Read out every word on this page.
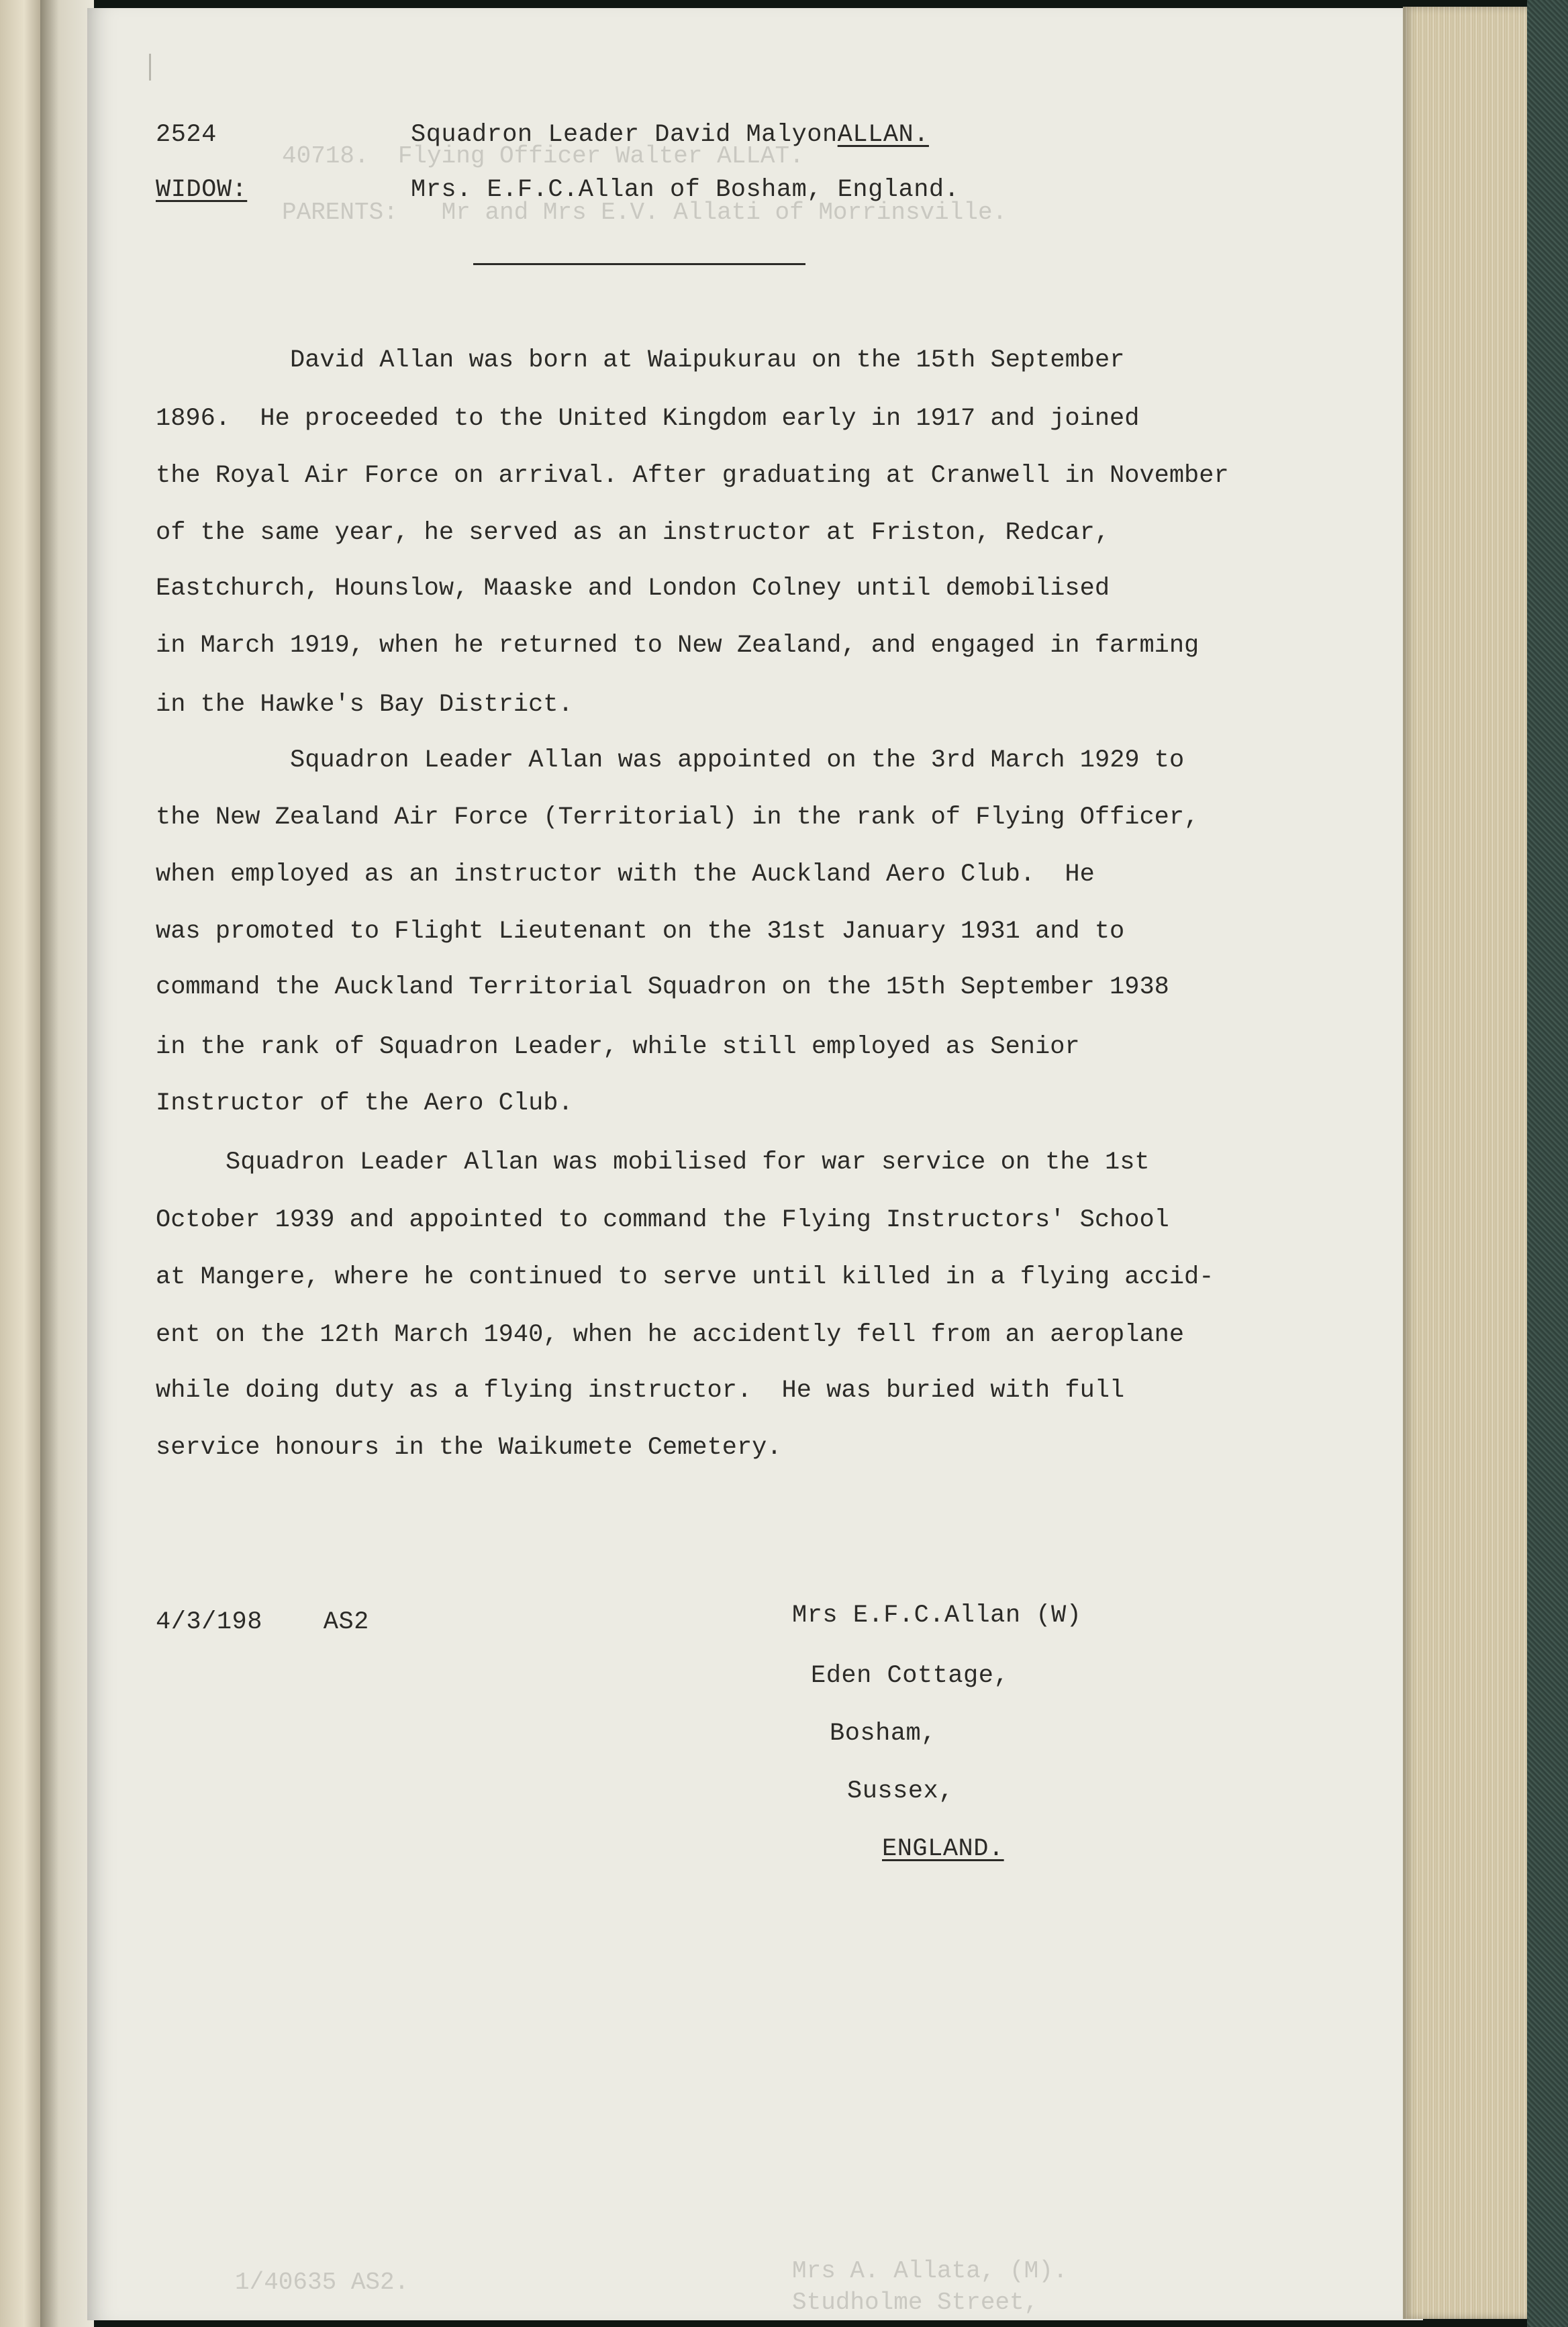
40718.  Flying Officer Walter ALLAT.
PARENTS:   Mr and Mrs E.V. Allati of Morrinsville.
1/40635 AS2.	Mrs A. Allata, (M).
Studholme Street,
2524	Squadron Leader David MalyonALLAN.
WIDOW:	Mrs. E.F.C.Allan of Bosham, England.
David Allan was born at Waipukurau on the 15th September
1896.  He proceeded to the United Kingdom early in 1917 and joined
the Royal Air Force on arrival. After graduating at Cranwell in November
of the same year, he served as an instructor at Friston, Redcar,
Eastchurch, Hounslow, Maaske and London Colney until demobilised
in March 1919, when he returned to New Zealand, and engaged in farming
in the Hawke's Bay District.
Squadron Leader Allan was appointed on the 3rd March 1929 to
the New Zealand Air Force (Territorial) in the rank of Flying Officer,
when employed as an instructor with the Auckland Aero Club.  He
was promoted to Flight Lieutenant on the 31st January 1931 and to
command the Auckland Territorial Squadron on the 15th September 1938
in the rank of Squadron Leader, while still employed as Senior
Instructor of the Aero Club.
Squadron Leader Allan was mobilised for war service on the 1st
October 1939 and appointed to command the Flying Instructors' School
at Mangere, where he continued to serve until killed in a flying accid-
ent on the 12th March 1940, when he accidently fell from an aeroplane
while doing duty as a flying instructor.  He was buried with full
service honours in the Waikumete Cemetery.
4/3/198    AS2	Mrs E.F.C.Allan (W)
Eden Cottage,
Bosham,
Sussex,
ENGLAND.
